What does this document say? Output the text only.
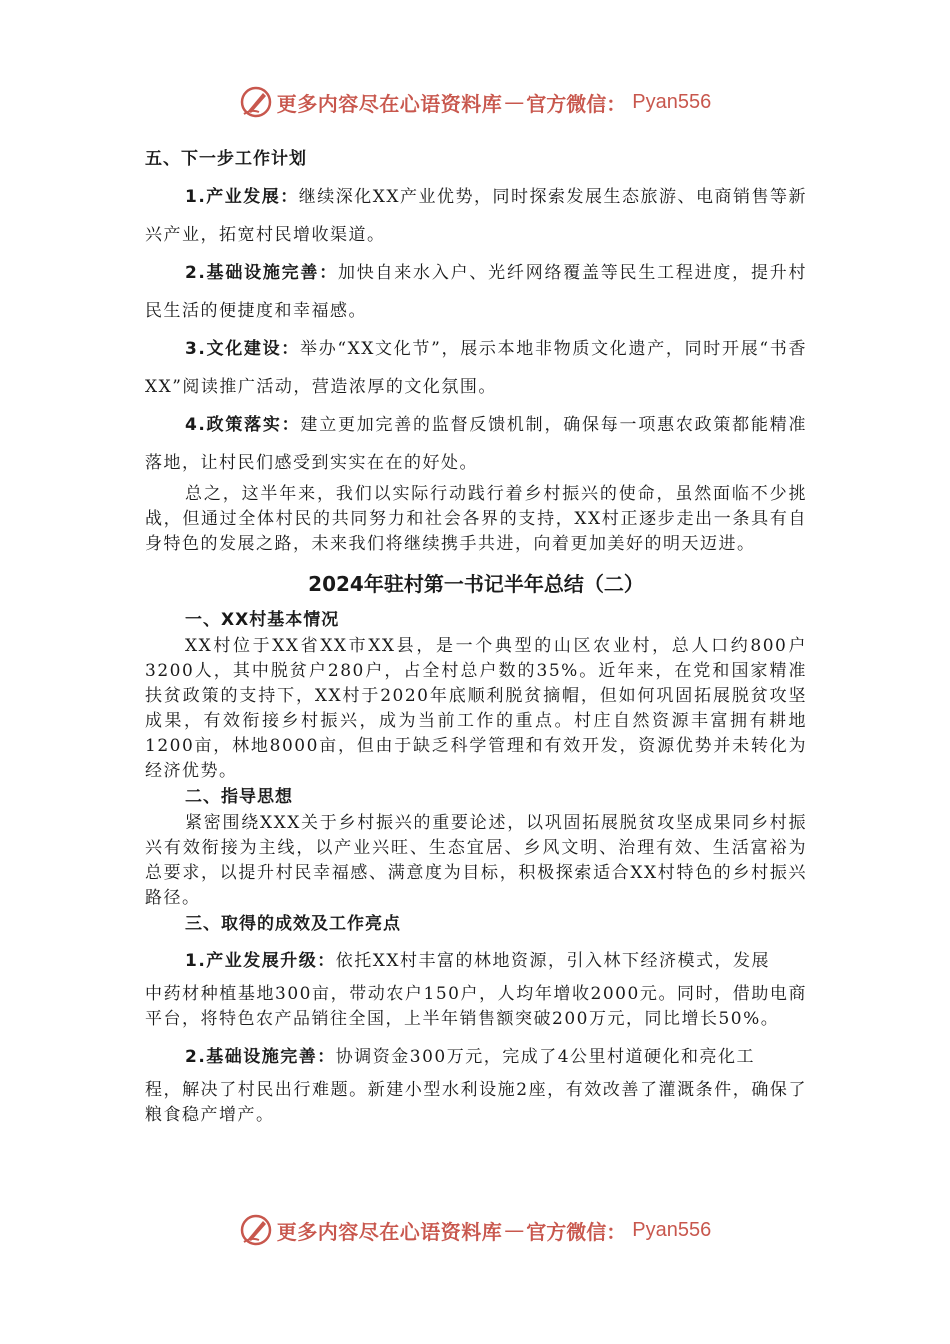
更多内容尽在心语资料库 — 官方微信： Pyan556

五、下一步工作计划

1.产业发展：继续深化XX产业优势，同时探索发展生态旅游、电商销售等新兴产业，拓宽村民增收渠道。

2.基础设施完善：加快自来水入户、光纤网络覆盖等民生工程进度，提升村民生活的便捷度和幸福感。

3.文化建设：举办“XX文化节”，展示本地非物质文化遗产，同时开展“书香XX”阅读推广活动，营造浓厚的文化氛围。

4.政策落实：建立更加完善的监督反馈机制，确保每一项惠农政策都能精准落地，让村民们感受到实实在在的好处。

总之，这半年来，我们以实际行动践行着乡村振兴的使命，虽然面临不少挑战，但通过全体村民的共同努力和社会各界的支持，XX村正逐步走出一条具有自身特色的发展之路，未来我们将继续携手共进，向着更加美好的明天迈进。

2024年驻村第一书记半年总结（二）

一、XX村基本情况

XX村位于XX省XX市XX县，是一个典型的山区农业村，总人口约800户3200人，其中脱贫户280户，占全村总户数的35%。近年来，在党和国家精准扶贫政策的支持下，XX村于2020年底顺利脱贫摘帽，但如何巩固拓展脱贫攻坚成果，有效衔接乡村振兴，成为当前工作的重点。村庄自然资源丰富拥有耕地1200亩，林地8000亩，但由于缺乏科学管理和有效开发，资源优势并未转化为经济优势。

二、指导思想

紧密围绕XXX关于乡村振兴的重要论述，以巩固拓展脱贫攻坚成果同乡村振兴有效衔接为主线，以产业兴旺、生态宜居、乡风文明、治理有效、生活富裕为总要求，以提升村民幸福感、满意度为目标，积极探索适合XX村特色的乡村振兴路径。

三、取得的成效及工作亮点

1.产业发展升级：依托XX村丰富的林地资源，引入林下经济模式，发展

中药材种植基地300亩，带动农户150户，人均年增收2000元。同时，借助电商平台，将特色农产品销往全国，上半年销售额突破200万元，同比增长50%。

2.基础设施完善：协调资金300万元，完成了4公里村道硬化和亮化工

程，解决了村民出行难题。新建小型水利设施2座，有效改善了灌溉条件，确保了粮食稳产增产。

更多内容尽在心语资料库 — 官方微信： Pyan556
